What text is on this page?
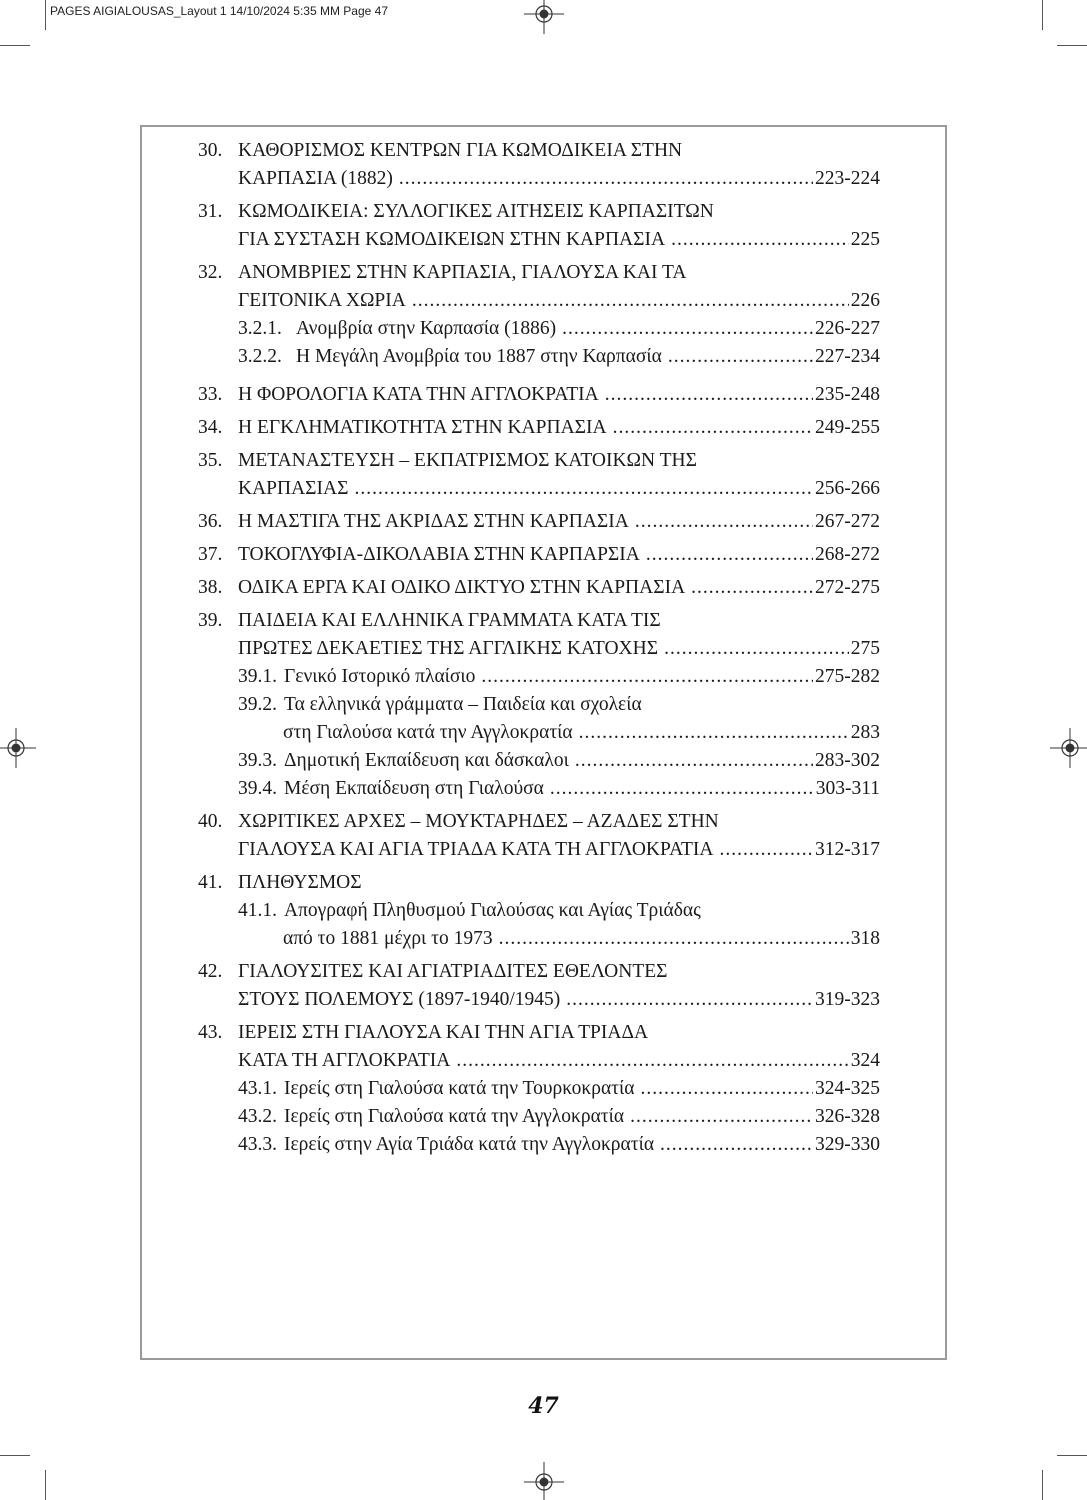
PAGES AIGIALOUSAS_Layout 1 14/10/2024 5:35 ΜΜ Page 47
30. ΚΑΘΟΡΙΣΜΟΣ ΚΕΝΤΡΩΝ ΓΙΑ ΚΩΜΟΔΙΚΕΙΑ ΣΤΗΝ
ΚΑΡΠΑΣΙΑ (1882) .....	223-224
31. ΚΩΜΟΔΙΚΕΙΑ: ΣΥΛΛΟΓΙΚΕΣ ΑΙΤΗΣΕΙΣ ΚΑΡΠΑΣΙΤΩΝ
ΓΙΑ ΣΥΣΤΑΣΗ ΚΩΜΟΔΙΚΕΙΩΝ ΣΤΗΝ ΚΑΡΠΑΣΙΑ .....	225
32. ΑΝΟΜΒΡΙΕΣ ΣΤΗΝ ΚΑΡΠΑΣΙΑ, ΓΙΑΛΟΥΣΑ ΚΑΙ ΤΑ
ΓΕΙΤΟΝΙΚΑ ΧΩΡΙΑ .....	226
3.2.1. Ανομβρία στην Καρπασία (1886) .....	226-227
3.2.2. Η Μεγάλη Ανομβρία του 1887 στην Καρπασία .....	227-234
33. Η ΦΟΡΟΛΟΓΙΑ ΚΑΤΑ ΤΗΝ ΑΓΓΛΟΚΡΑΤΙΑ .....	235-248
34. Η ΕΓΚΛΗΜΑΤΙΚΟΤΗΤΑ ΣΤΗΝ ΚΑΡΠΑΣΙΑ .....	249-255
35. ΜΕΤΑΝΑΣΤΕΥΣΗ – ΕΚΠΑΤΡΙΣΜΟΣ ΚΑΤΟΙΚΩΝ ΤΗΣ
ΚΑΡΠΑΣΙΑΣ .....	256-266
36. Η ΜΑΣΤΙΓΑ ΤΗΣ ΑΚΡΙΔΑΣ ΣΤΗΝ ΚΑΡΠΑΣΙΑ .....	267-272
37. ΤΟΚΟΓΛΥΦΙΑ-ΔΙΚΟΛΑΒΙΑ ΣΤΗΝ ΚΑΡΠΑΡΣΙΑ .....	268-272
38. ΟΔΙΚΑ ΕΡΓΑ ΚΑΙ ΟΔΙΚΟ ΔΙΚΤΥΟ ΣΤΗΝ ΚΑΡΠΑΣΙΑ .....	272-275
39. ΠΑΙΔΕΙΑ ΚΑΙ ΕΛΛΗΝΙΚΑ ΓΡΑΜΜΑΤΑ ΚΑΤΑ ΤΙΣ
ΠΡΩΤΕΣ ΔΕΚΑΕΤΙΕΣ ΤΗΣ ΑΓΓΛΙΚΗΣ ΚΑΤΟΧΗΣ .....	275
39.1. Γενικό Ιστορικό πλαίσιο .....	275-282
39.2. Τα ελληνικά γράμματα – Παιδεία και σχολεία
στη Γιαλούσα κατά την Αγγλοκρατία .....	283
39.3. Δημοτική Εκπαίδευση και δάσκαλοι .....	283-302
39.4. Μέση Εκπαίδευση στη Γιαλούσα .....	303-311
40. ΧΩΡΙΤΙΚΕΣ ΑΡΧΕΣ – ΜΟΥΚΤΑΡΗΔΕΣ – ΑΖΑΔΕΣ ΣΤΗΝ
ΓΙΑΛΟΥΣΑ ΚΑΙ ΑΓΙΑ ΤΡΙΑΔΑ ΚΑΤΑ ΤΗ ΑΓΓΛΟΚΡΑΤΙΑ .....	312-317
41. ΠΛΗΘΥΣΜΟΣ
41.1. Απογραφή Πληθυσμού Γιαλούσας και Αγίας Τριάδας
από το 1881 μέχρι το 1973 .....	318
42. ΓΙΑΛΟΥΣΙΤΕΣ ΚΑΙ ΑΓΙΑΤΡΙΑΔΙΤΕΣ ΕΘΕΛΟΝΤΕΣ
ΣΤΟΥΣ ΠΟΛΕΜΟΥΣ (1897-1940/1945) .....	319-323
43. ΙΕΡΕΙΣ ΣΤΗ ΓΙΑΛΟΥΣΑ ΚΑΙ ΤΗΝ ΑΓΙΑ ΤΡΙΑΔΑ
ΚΑΤΑ ΤΗ ΑΓΓΛΟΚΡΑΤΙΑ .....	324
43.1. Ιερείς στη Γιαλούσα κατά την Τουρκοκρατία .....	324-325
43.2. Ιερείς στη Γιαλούσα κατά την Αγγλοκρατία .....	326-328
43.3. Ιερείς στην Αγία Τριάδα κατά την Αγγλοκρατία .....	329-330
47
